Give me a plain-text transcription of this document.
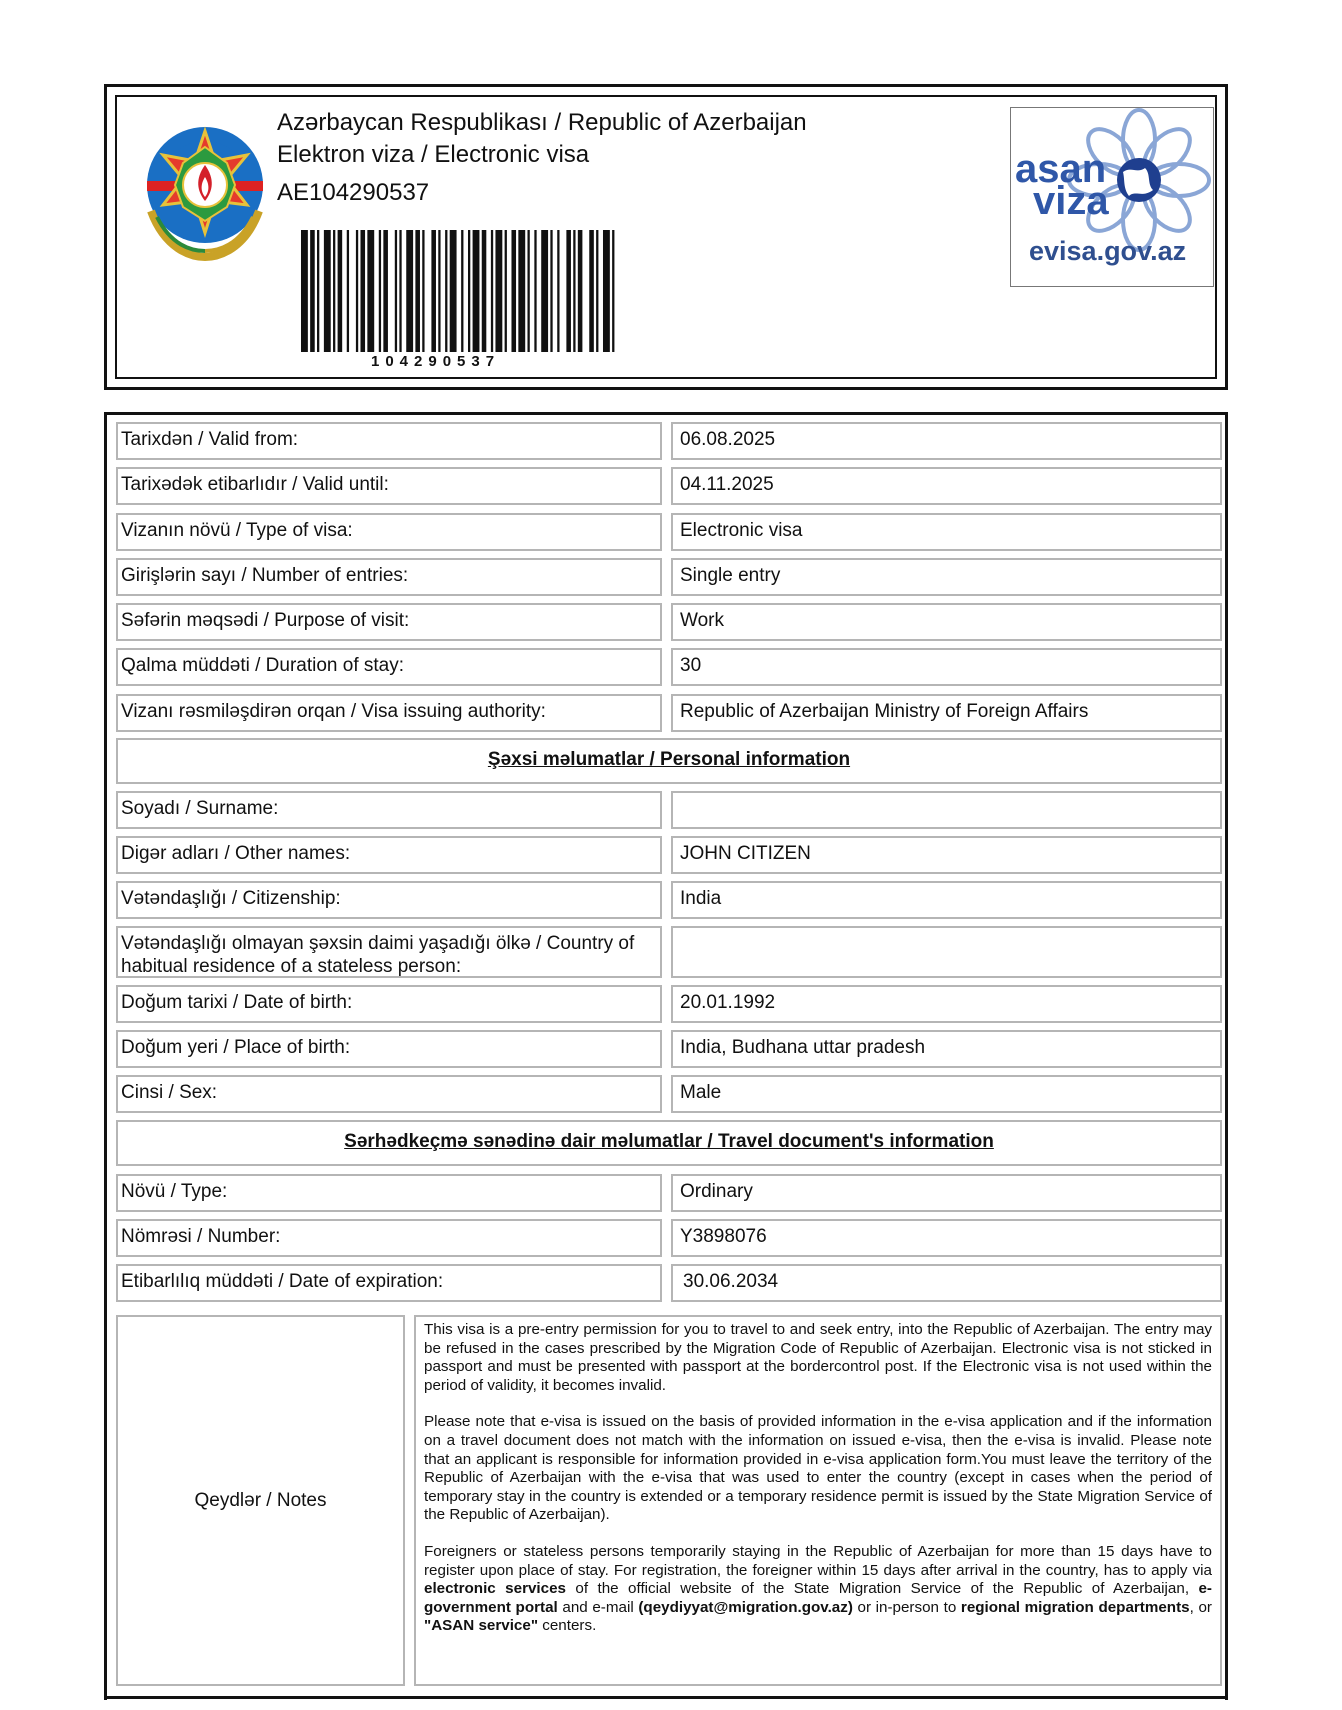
Azərbaycan Respublikası / Republic of Azerbaijan
Elektron viza / Electronic visa
AE104290537
104290537
asan
viza
evisa.gov.az
Tarixdən / Valid from:	06.08.2025
Tarixədək etibarlıdır / Valid until:	04.11.2025
Vizanın növü / Type of visa:	Electronic visa
Girişlərin sayı / Number of entries:	Single entry
Səfərin məqsədi / Purpose of visit:	Work
Qalma müddəti / Duration of stay:	30
Vizanı rəsmiləşdirən orqan / Visa issuing authority:	Republic of Azerbaijan Ministry of Foreign Affairs
Şəxsi məlumatlar / Personal information
Soyadı / Surname:
Digər adları / Other names:	JOHN CITIZEN
Vətəndaşlığı / Citizenship:	India
Vətəndaşlığı olmayan şəxsin daimi yaşadığı ölkə / Country of habitual residence of a stateless person:
Doğum tarixi / Date of birth:	20.01.1992
Doğum yeri / Place of birth:	India, Budhana uttar pradesh
Cinsi / Sex:	Male
Sərhədkeçmə sənədinə dair məlumatlar / Travel document's information
Növü / Type:	Ordinary
Nömrəsi / Number:	Y3898076
Etibarlılıq müddəti / Date of expiration:	30.06.2034
Qeydlər / Notes

This visa is a pre-entry permission for you to travel to and seek entry, into the Republic of Azerbaijan. The entry may be refused in the cases prescribed by the Migration Code of Republic of Azerbaijan. Electronic visa is not sticked in passport and must be presented with passport at the bordercontrol post. If the Electronic visa is not used within the period of validity, it becomes invalid.

Please note that e-visa is issued on the basis of provided information in the e-visa application and if the information on a travel document does not match with the information on issued e-visa, then the e-visa is invalid. Please note that an applicant is responsible for information provided in e-visa application form.You must leave the territory of the Republic of Azerbaijan with the e-visa that was used to enter the country (except in cases when the period of temporary stay in the country is extended or a temporary residence permit is issued by the State Migration Service of the Republic of Azerbaijan).

Foreigners or stateless persons temporarily staying in the Republic of Azerbaijan for more than 15 days have to register upon place of stay. For registration, the foreigner within 15 days after arrival in the country, has to apply via electronic services of the official website of the State Migration Service of the Republic of Azerbaijan, e-government portal and e-mail (qeydiyyat@migration.gov.az) or in-person to regional migration departments, or "ASAN service" centers.
